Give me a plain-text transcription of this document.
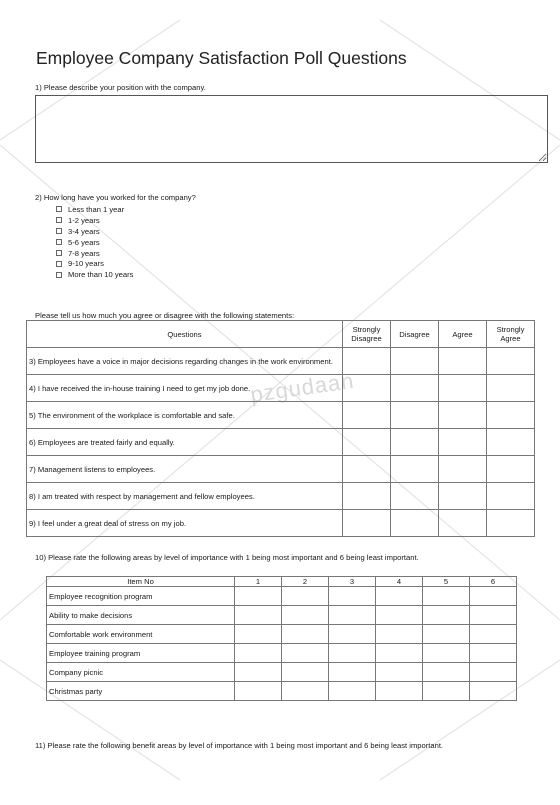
pzgudaan
Employee Company Satisfaction Poll Questions
1) Please describe your position with the company.
2) How long have you worked for the company?
Less than 1 year
1-2 years
3-4 years
5-6 years
7-8 years
9-10 years
More than 10 years
Please tell us how much you agree or disagree with the following statements:
Questions	Strongly Disagree	Disagree	Agree	Strongly Agree
3) Employees have a voice in major decisions regarding changes in the work environment.				
4) I have received the in-house training I need to get my job done.				
5) The environment of the workplace is comfortable and safe.				
6) Employees are treated fairly and equally.				
7) Management listens to employees.				
8) I am treated with respect by management and fellow employees.				
9) I feel under a great deal of stress on my job.				
10) Please rate the following areas by level of importance with 1 being most important and 6 being least important.
Item No	1	2	3	4	5	6
Employee recognition program						
Ability to make decisions						
Comfortable work environment						
Employee training program						
Company picnic						
Christmas party						
11) Please rate the following benefit areas by level of importance with 1 being most important and 6 being least important.
